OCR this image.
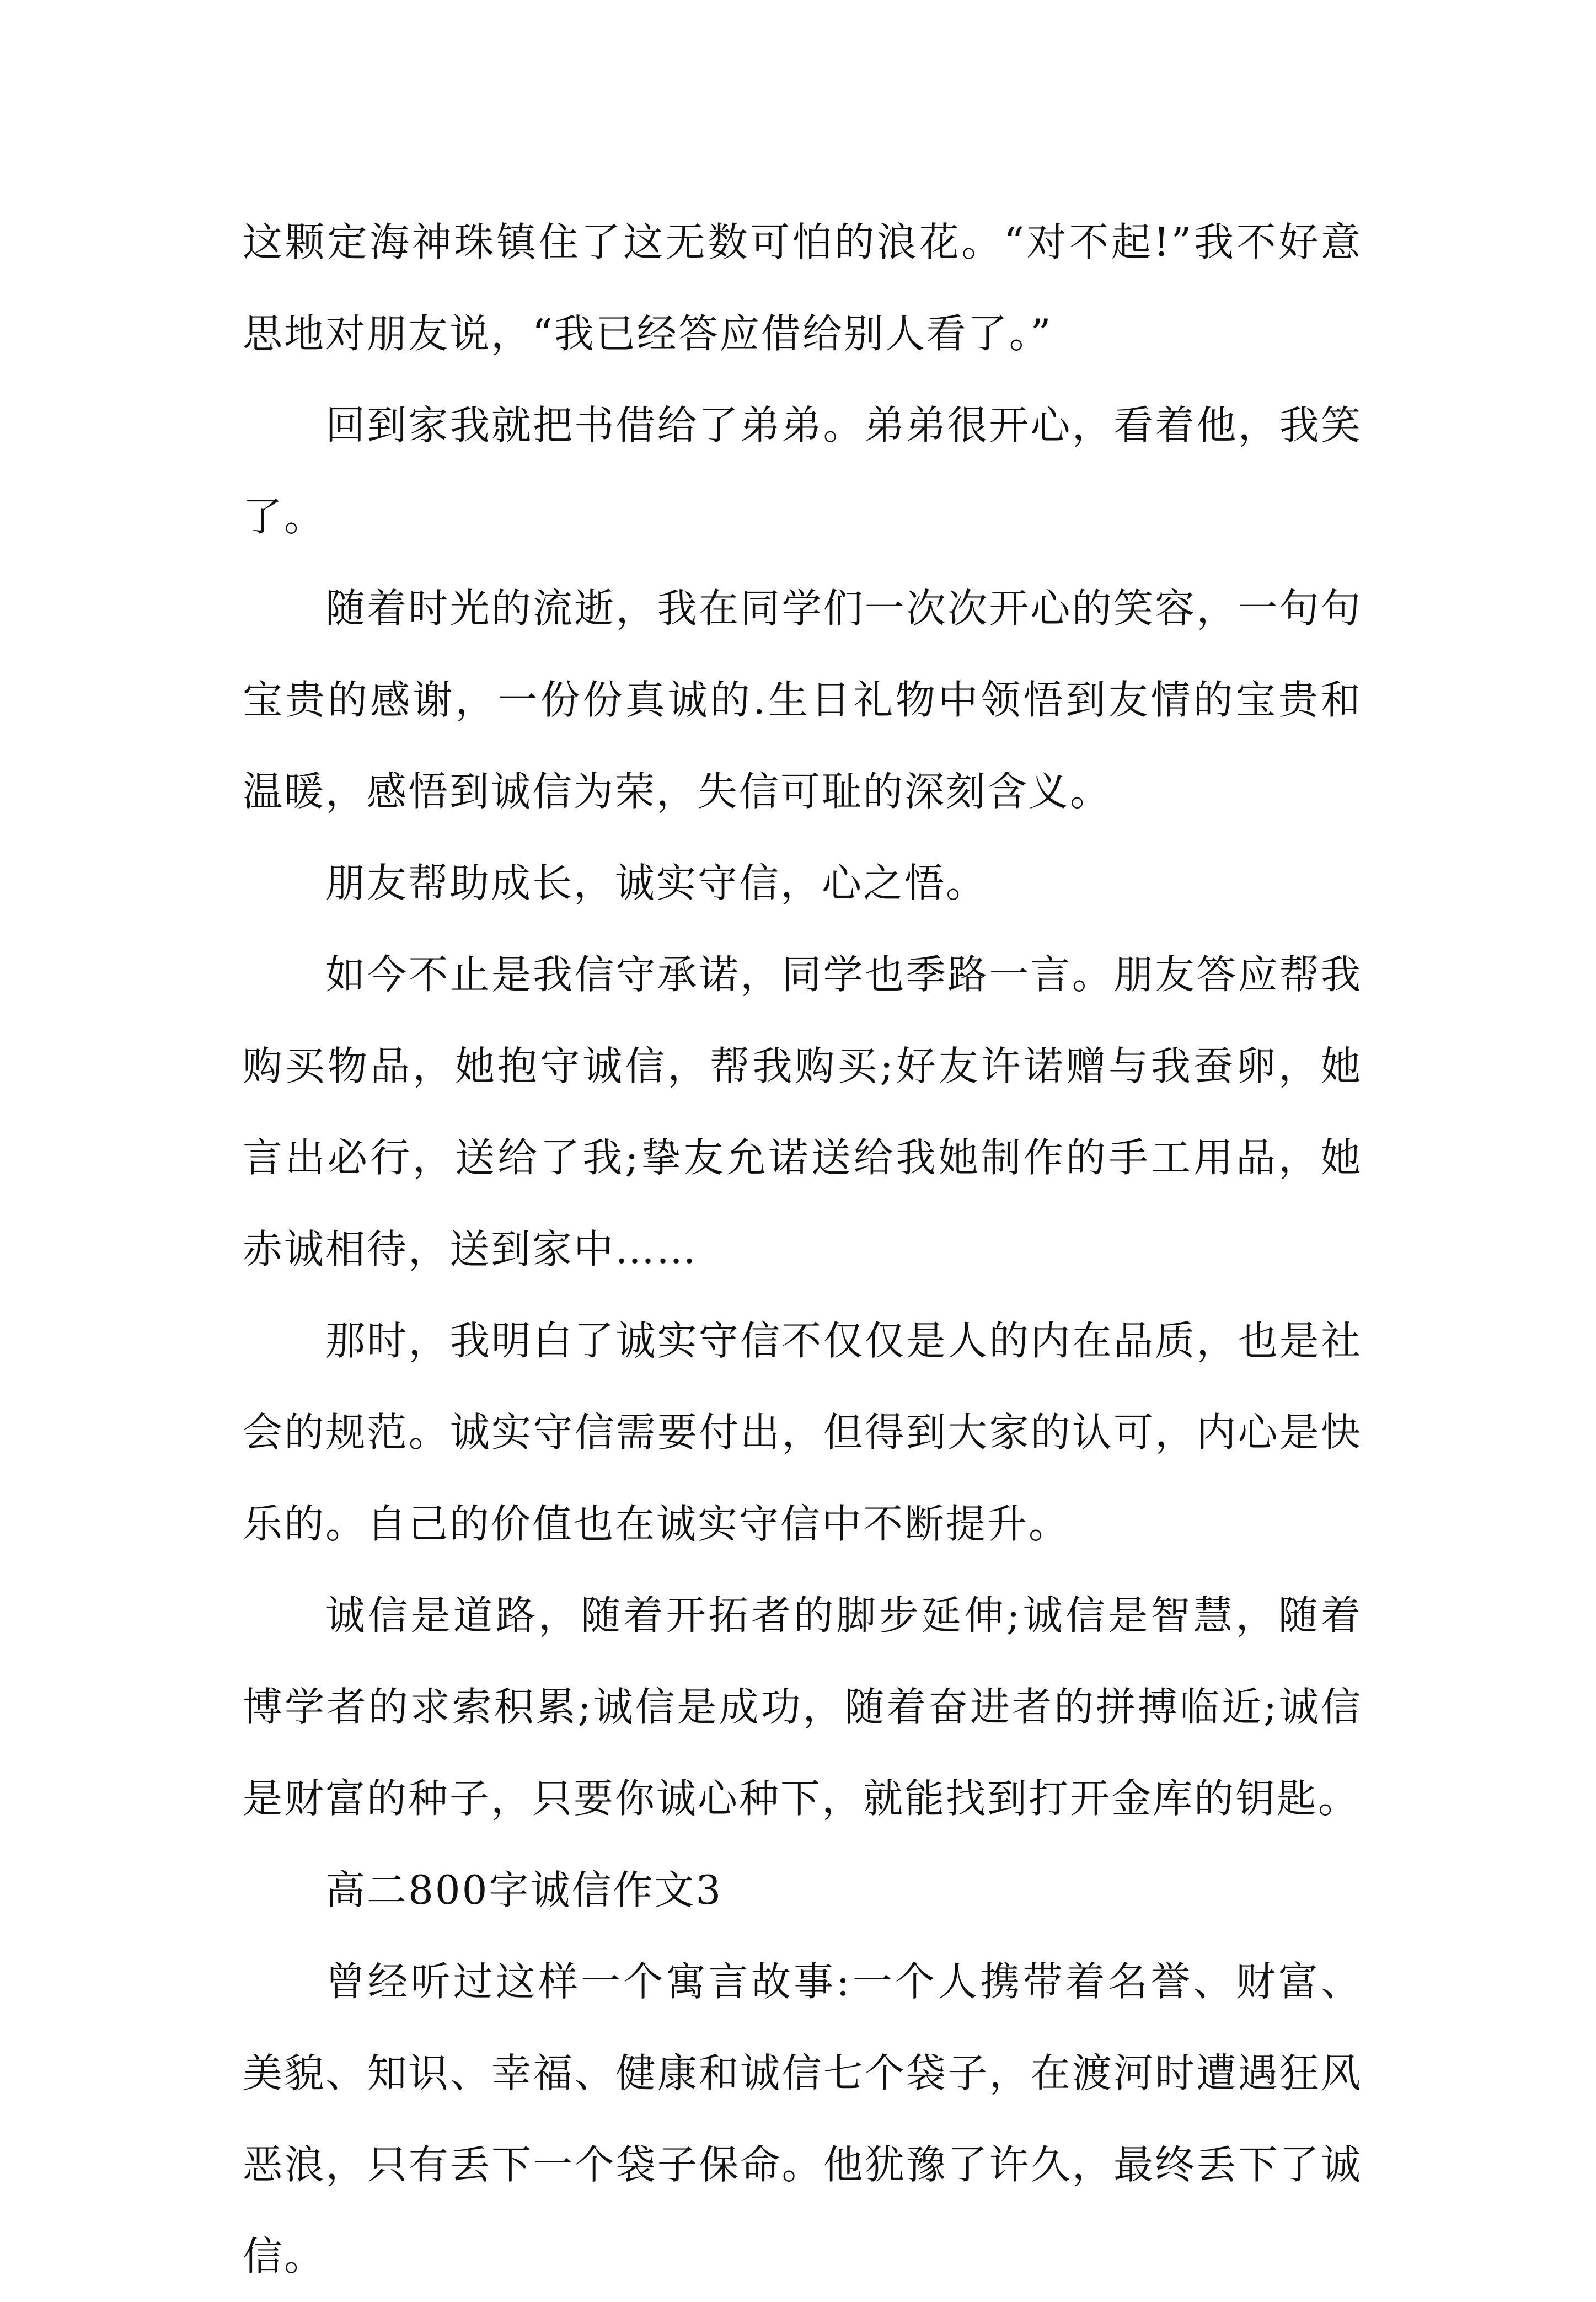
这颗定海神珠镇住了这无数可怕的浪花。“对不起!”我不好意思地对朋友说，“我已经答应借给别人看了。”

回到家我就把书借给了弟弟。弟弟很开心，看着他，我笑了。

随着时光的流逝，我在同学们一次次开心的笑容，一句句宝贵的感谢，一份份真诚的.生日礼物中领悟到友情的宝贵和温暖，感悟到诚信为荣，失信可耻的深刻含义。

朋友帮助成长，诚实守信，心之悟。

如今不止是我信守承诺，同学也季路一言。朋友答应帮我购买物品，她抱守诚信，帮我购买;好友许诺赠与我蚕卵，她言出必行，送给了我;挚友允诺送给我她制作的手工用品，她赤诚相待，送到家中……

那时，我明白了诚实守信不仅仅是人的内在品质，也是社会的规范。诚实守信需要付出，但得到大家的认可，内心是快乐的。自己的价值也在诚实守信中不断提升。

诚信是道路，随着开拓者的脚步延伸;诚信是智慧，随着博学者的求索积累;诚信是成功，随着奋进者的拼搏临近;诚信是财富的种子，只要你诚心种下，就能找到打开金库的钥匙。

高二800字诚信作文3

曾经听过这样一个寓言故事:一个人携带着名誉、财富、美貌、知识、幸福、健康和诚信七个袋子，在渡河时遭遇狂风恶浪，只有丢下一个袋子保命。他犹豫了许久，最终丢下了诚信。
